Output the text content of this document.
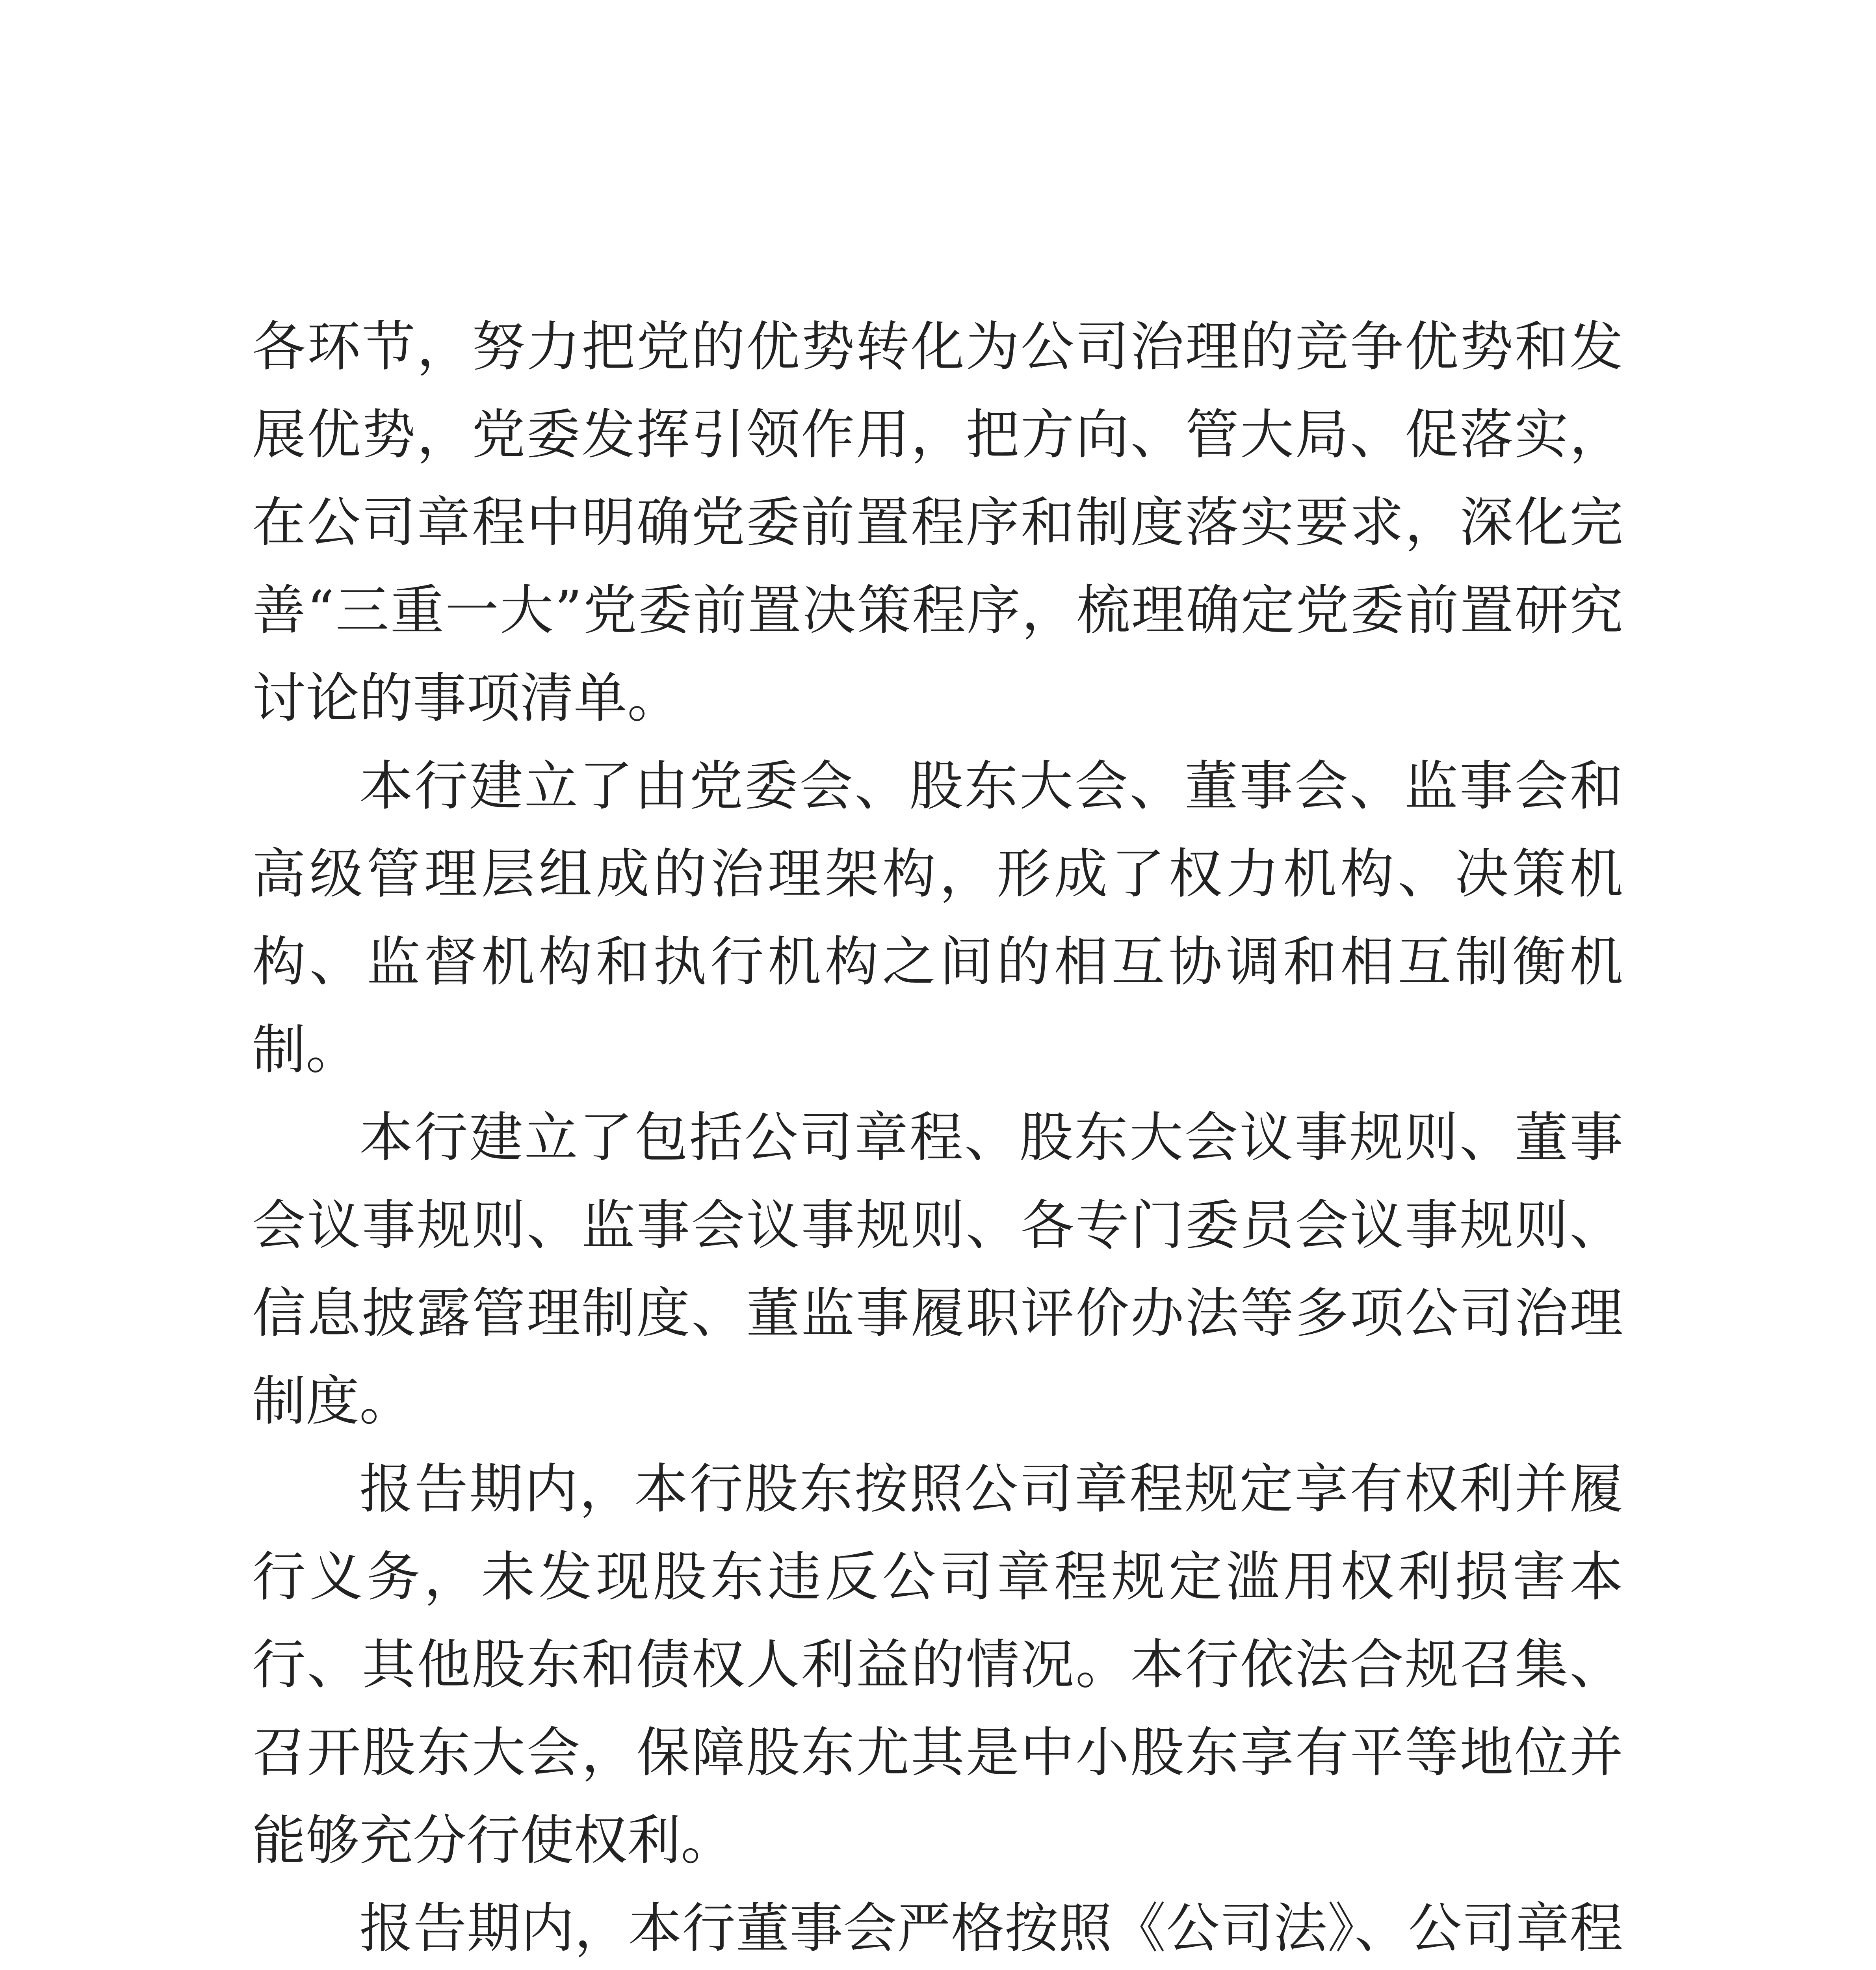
各环节，努力把党的优势转化为公司治理的竞争优势和发展优势，党委发挥引领作用，把方向、管大局、促落实，在公司章程中明确党委前置程序和制度落实要求，深化完善“三重一大”党委前置决策程序，梳理确定党委前置研究讨论的事项清单。

本行建立了由党委会、股东大会、董事会、监事会和高级管理层组成的治理架构，形成了权力机构、决策机构、监督机构和执行机构之间的相互协调和相互制衡机制。

本行建立了包括公司章程、股东大会议事规则、董事会议事规则、监事会议事规则、各专门委员会议事规则、信息披露管理制度、董监事履职评价办法等多项公司治理制度。

报告期内，本行股东按照公司章程规定享有权利并履行义务，未发现股东违反公司章程规定滥用权利损害本行、其他股东和债权人利益的情况。本行依法合规召集、召开股东大会，保障股东尤其是中小股东享有平等地位并能够充分行使权利。

报告期内，本行董事会严格按照《公司法》、公司章程
